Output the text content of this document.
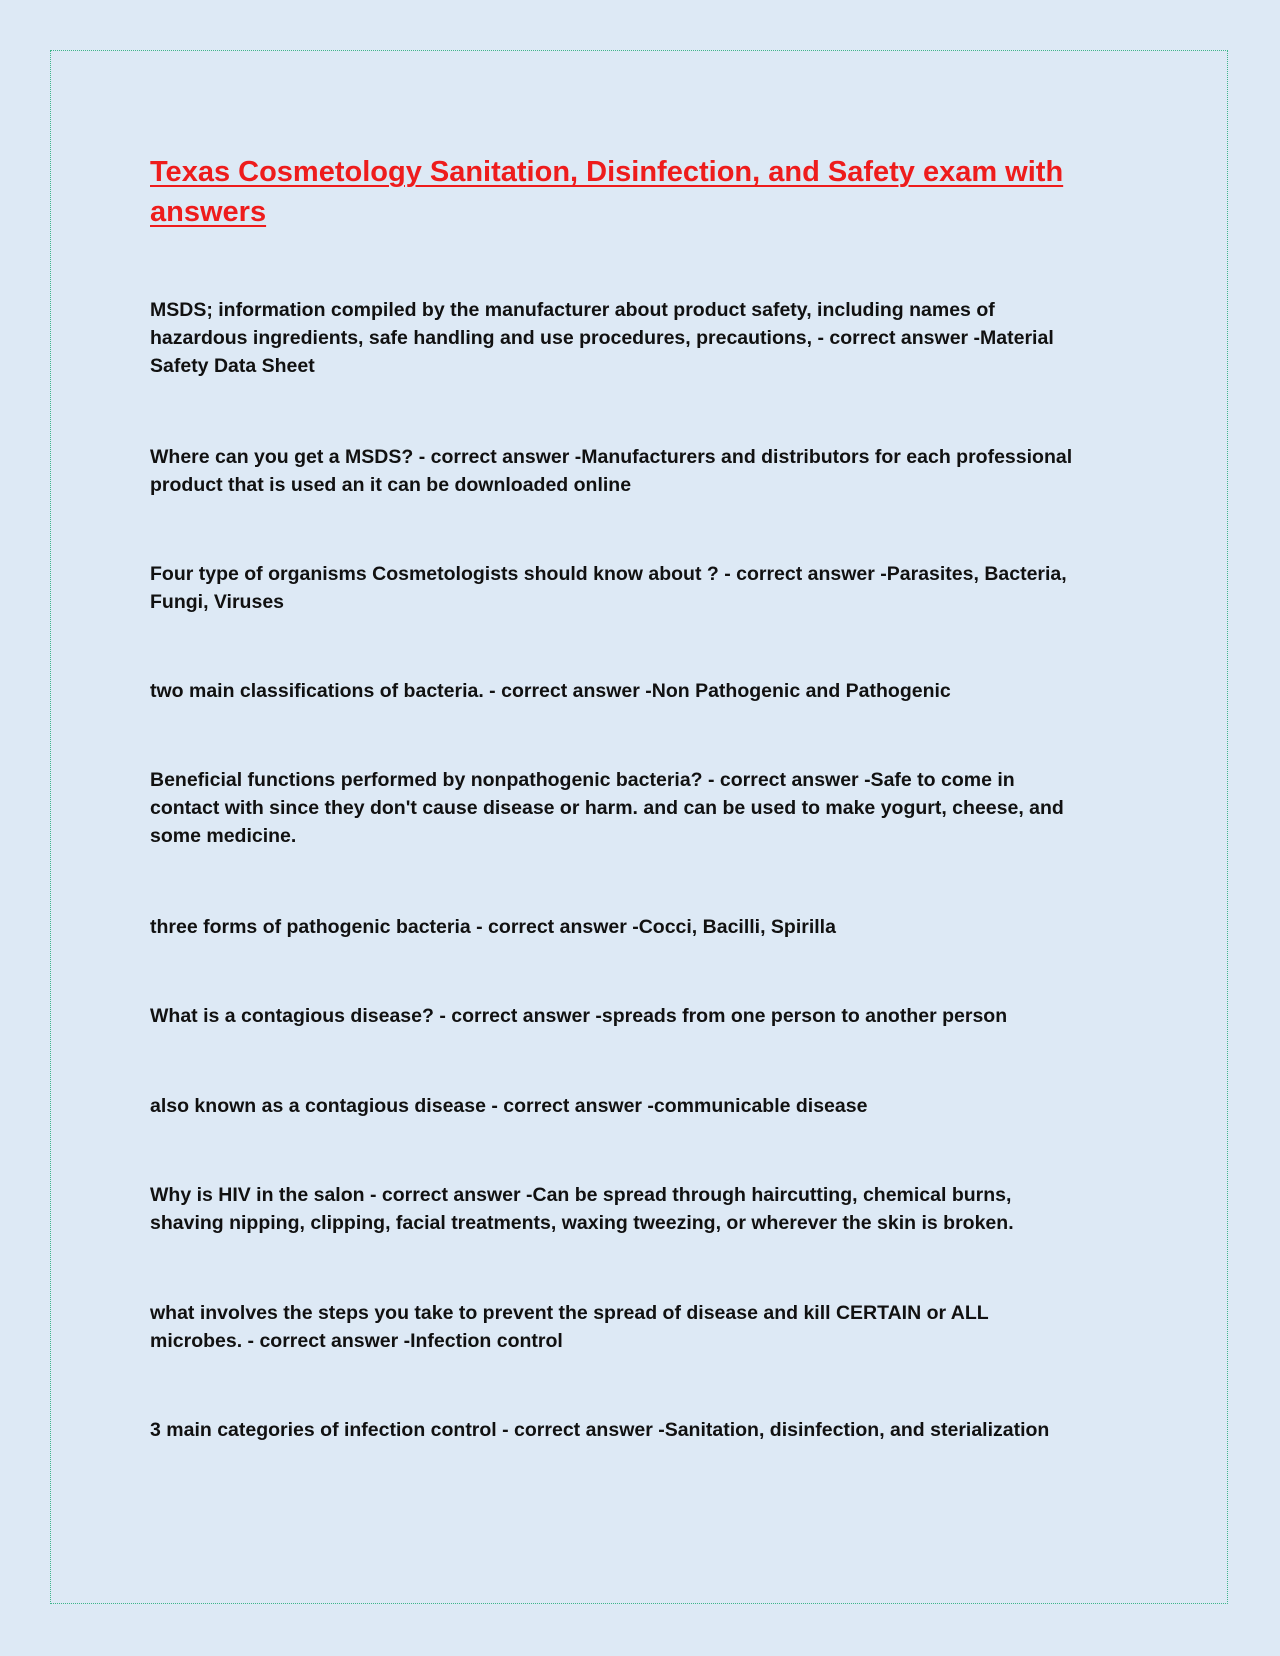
Texas Cosmetology Sanitation, Disinfection, and Safety exam with answers
MSDS; information compiled by the manufacturer about product safety, including names of
hazardous ingredients, safe handling and use procedures, precautions, - correct answer -Material
Safety Data Sheet
Where can you get a MSDS? - correct answer -Manufacturers and distributors for each professional
product that is used an it can be downloaded online
Four type of organisms Cosmetologists should know about ? - correct answer -Parasites, Bacteria,
Fungi, Viruses
two main classifications of bacteria. - correct answer -Non Pathogenic and Pathogenic
Beneficial functions performed by nonpathogenic bacteria? - correct answer -Safe to come in
contact with since they don't cause disease or harm. and can be used to make yogurt, cheese, and
some medicine.
three forms of pathogenic bacteria - correct answer -Cocci, Bacilli, Spirilla
What is a contagious disease? - correct answer -spreads from one person to another person
also known as a contagious disease - correct answer -communicable disease
Why is HIV in the salon - correct answer -Can be spread through haircutting, chemical burns,
shaving nipping, clipping, facial treatments, waxing tweezing, or wherever the skin is broken.
what involves the steps you take to prevent the spread of disease and kill CERTAIN or ALL
microbes. - correct answer -Infection control
3 main categories of infection control - correct answer -Sanitation, disinfection, and sterialization
